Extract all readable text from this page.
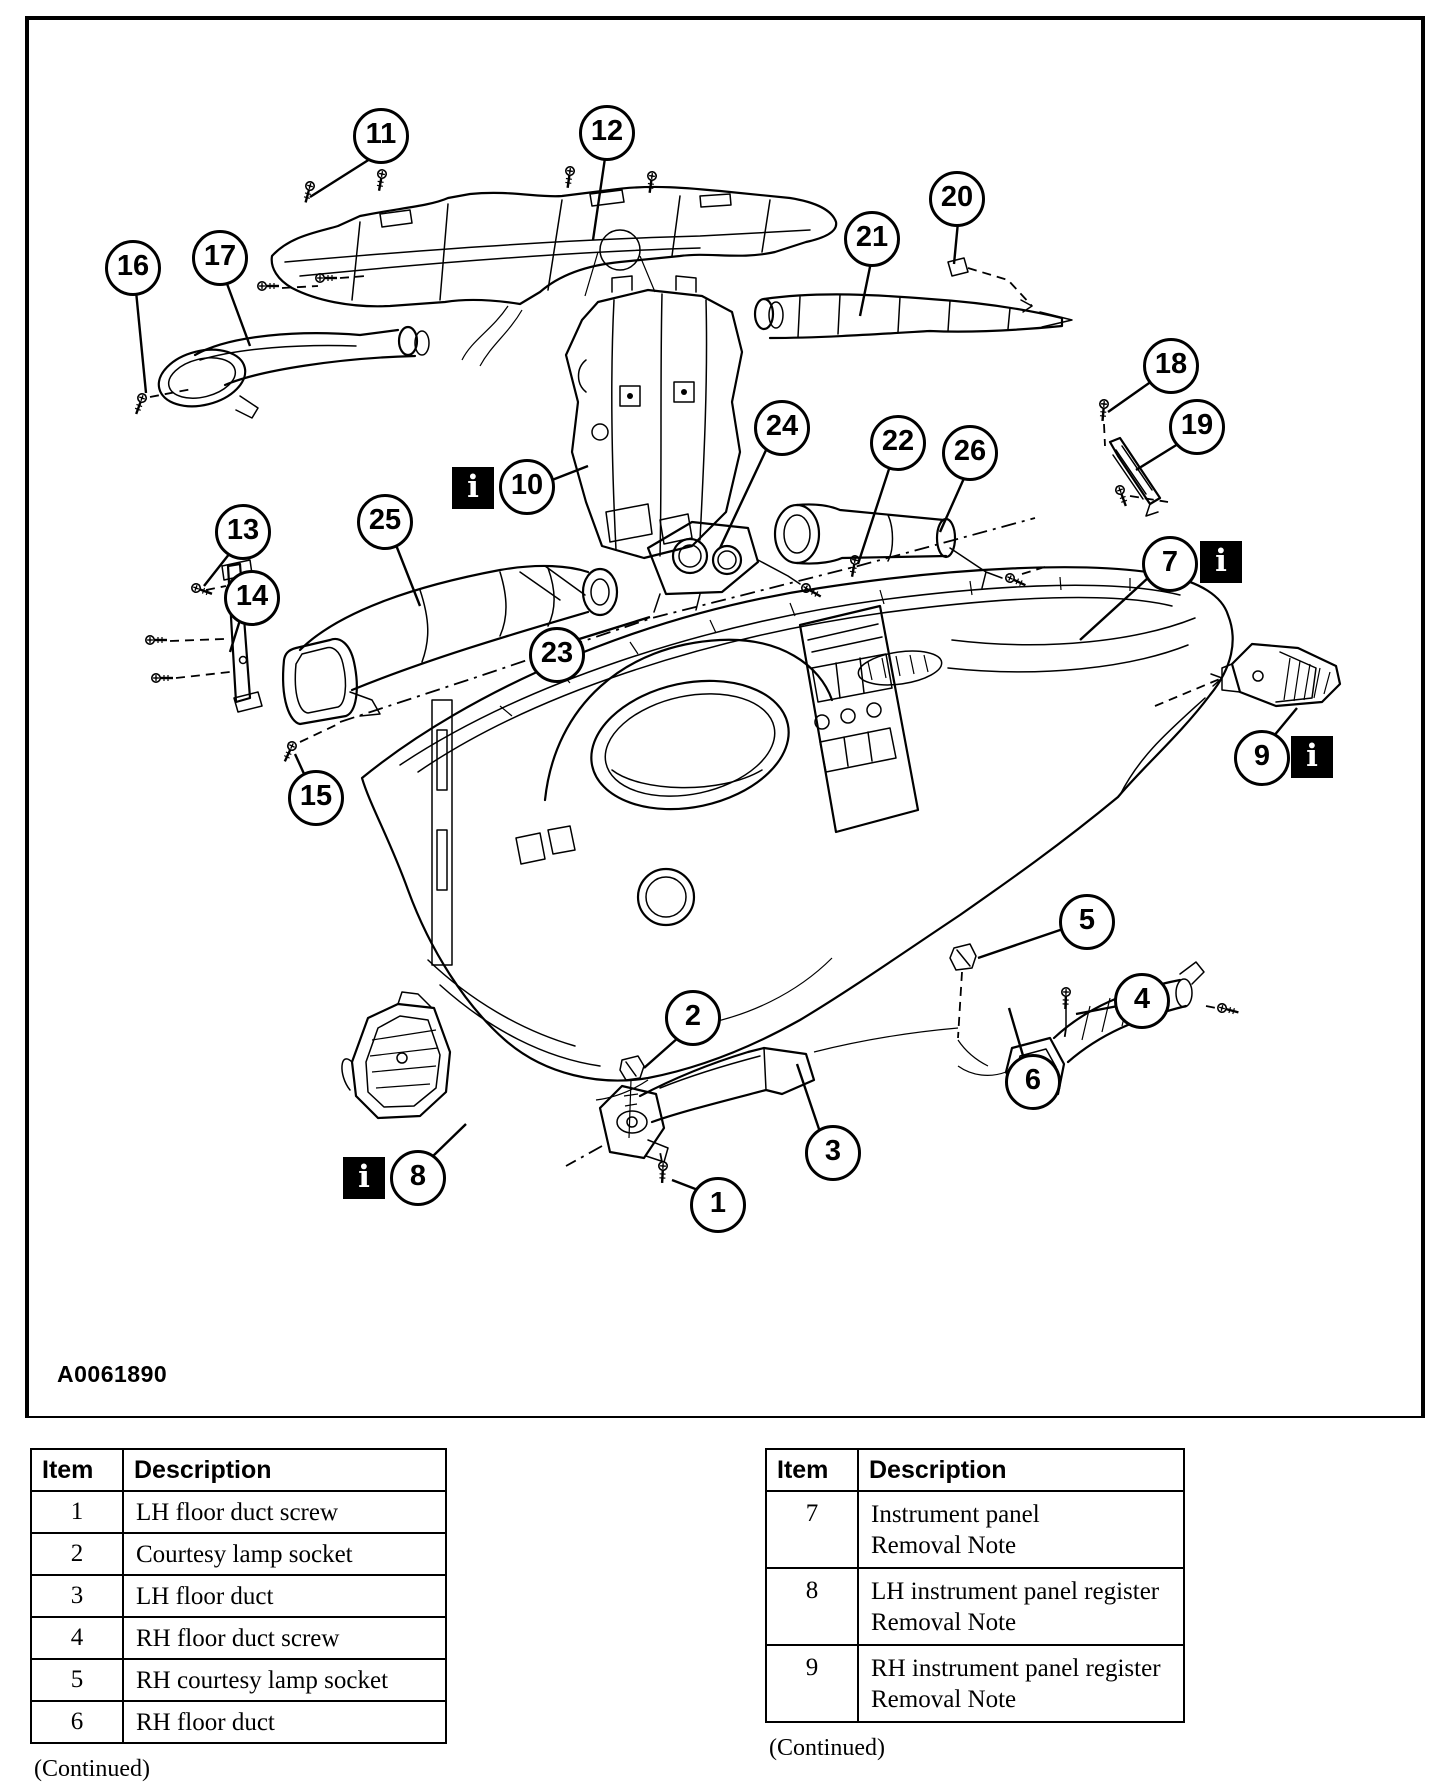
1
2
3
4
5
6
7
8
9
10
11	12
13
14
15
16	17
18
19
20
21
22
23
24
25
26
i
i
i
i
A0061890
Item	Description
1	LH floor duct screw
2	Courtesy lamp socket
3	LH floor duct
4	RH floor duct screw
5	RH courtesy lamp socket
6	RH floor duct
(Continued)
Item	Description
7	Instrument panel
Removal Note
8	LH instrument panel register
Removal Note
9	RH instrument panel register
Removal Note
(Continued)
